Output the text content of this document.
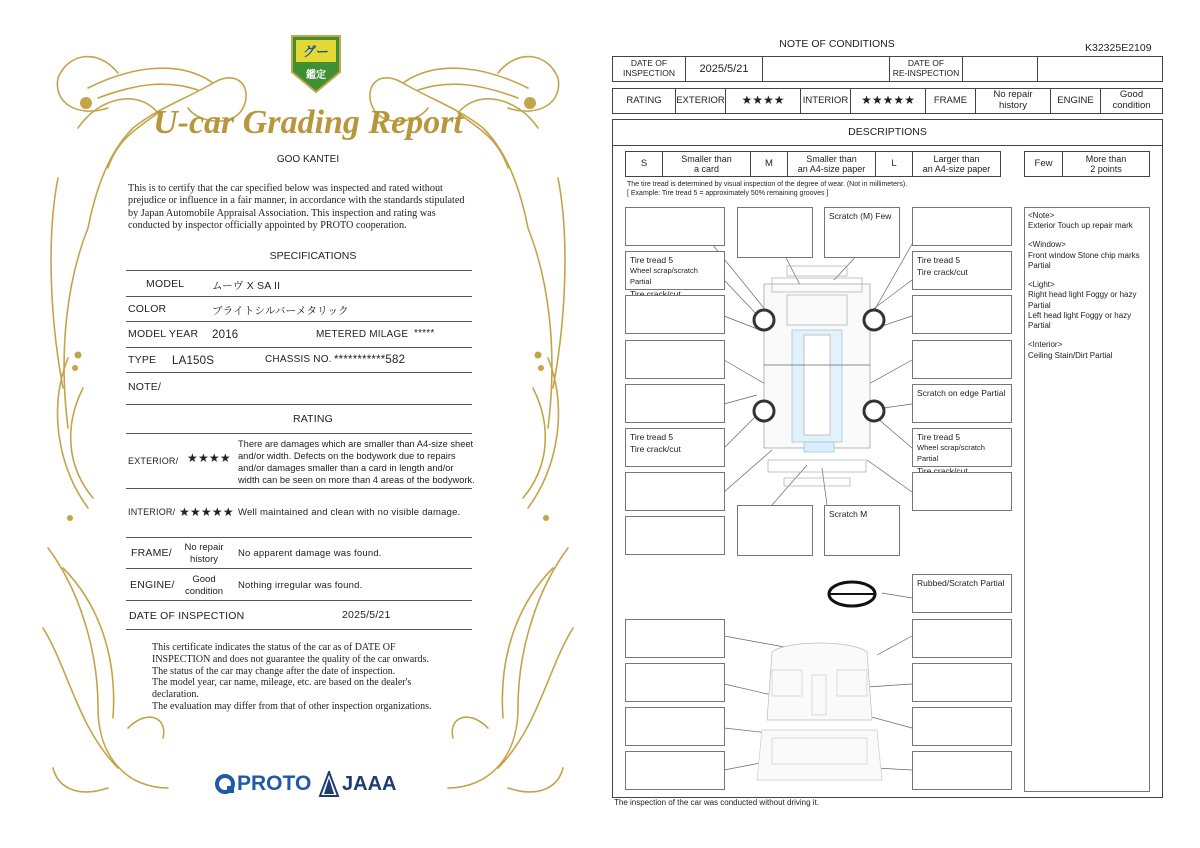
グー
鑑定
U-car Grading Report
GOO KANTEI
This is to certify that the car specified below was inspected and rated without
prejudice or influence in a fair manner, in accordance with the standards stipulated
by Japan Automobile Appraisal Association. This inspection and rating was
conducted by inspector officially appointed by PROTO cooperation.
SPECIFICATIONS
MODEL	ムーヴ X SA II
COLOR	ブライトシルバーメタリック
MODEL YEAR 2016	METERED MILAGE *****
TYPE LA150S	CHASSIS NO. ***********582
NOTE/
RATING
EXTERIOR/ ★★★★
There are damages which are smaller than A4-size sheet
and/or width. Defects on the bodywork due to repairs
and/or damages smaller than a card in length and/or
width can be seen on more than 4 areas of the bodywork.
INTERIOR/ ★★★★★ Well maintained and clean with no visible damage.
FRAME/	No repair
history
No apparent damage was found.
ENGINE/	Good
condition
Nothing irregular was found.
DATE OF INSPECTION	2025/5/21
This certificate indicates the status of the car as of DATE OF
INSPECTION and does not guarantee the quality of the car onwards.
The status of the car may change after the date of inspection.
The model year, car name, mileage, etc. are based on the dealer's
declaration.
The evaluation may differ from that of other inspection organizations.
PROTO JAAA
NOTE OF CONDITIONS	K32325E2109
DATE OF
INSPECTION	2025/5/21	DATE OF
RE-INSPECTION
RATING	EXTERIOR	★★★★	INTERIOR	★★★★★	FRAME	No repair
history	ENGINE	Good
condition
DESCRIPTIONS
S	Smaller than
a card
M	Smaller than
an A4-size paper
L	Larger than
an A4-size paper
Few	More than
2 points
The tire tread is determined by visual inspection of the degree of wear. (Not in millimeters).
[ Example: Tire tread 5 = approximately 50% remaining grooves ]
Tire tread 5
Wheel scrap/scratch Partial
Tire tread 5
Tire crack/cut
Scratch (M) Few
Scratch M
Tire tread 5
Tire crack/cut
Scratch on edge Partial
Tire tread 5
Wheel scrap/scratch Partial
Rubbed/Scratch Partial

<Note>
Exterior Touch up repair mark

<Window>
Front window Stone chip marks Partial

<Light>
Right head light Foggy or hazy Partial
Left head light Foggy or hazy Partial

<Interior>
Ceiling Stain/Dirt Partial

The inspection of the car was conducted without driving it.
